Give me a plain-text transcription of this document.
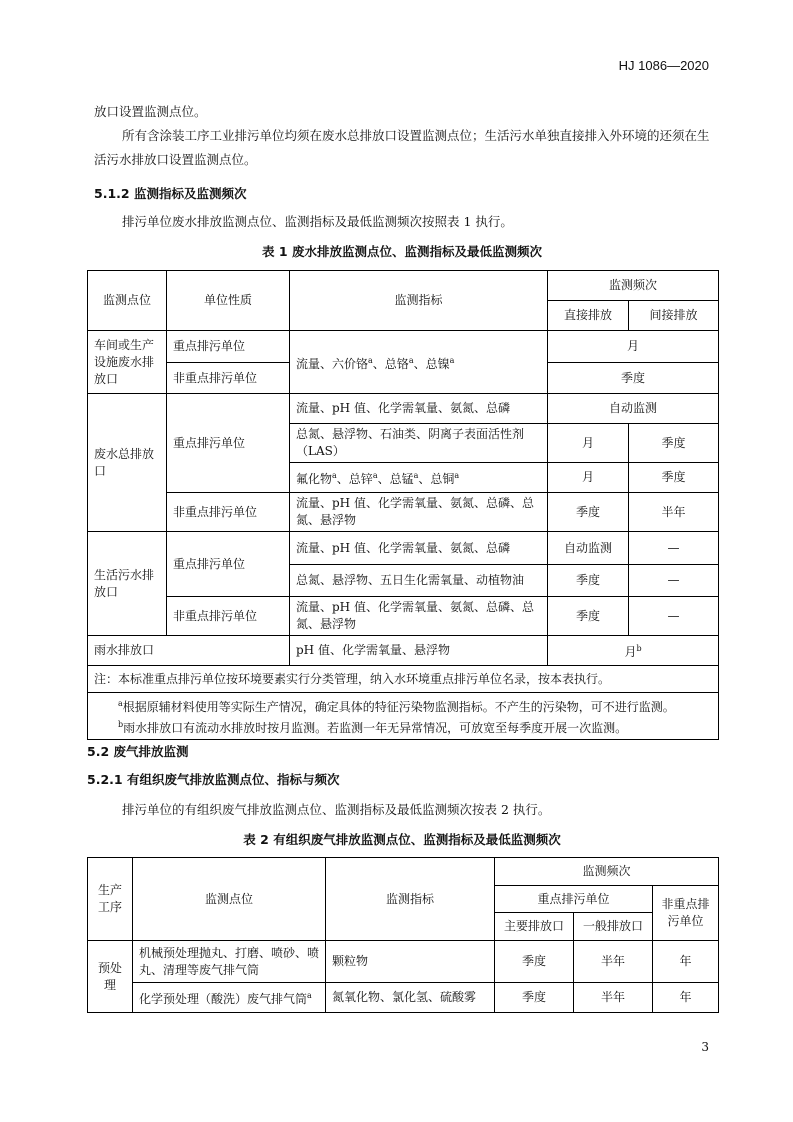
HJ 1086—2020
放口设置监测点位。
所有含涂装工序工业排污单位均须在废水总排放口设置监测点位；生活污水单独直接排入外环境的还须在生活污水排放口设置监测点位。
5.1.2 监测指标及监测频次
排污单位废水排放监测点位、监测指标及最低监测频次按照表 1 执行。
表 1 废水排放监测点位、监测指标及最低监测频次
监测点位	单位性质	监测指标	监测频次	
			直接排放	间接排放
车间或生产设施废水排放口	重点排污单位	流量、六价铬$^a$、总铬$^a$、总镍$^a$	月	
	非重点排污单位		季度	
废水总排放口	重点排污单位	流量、pH 值、化学需氧量、氨氮、总磷	自动监测	
		总氮、悬浮物、石油类、阴离子表面活性剂（LAS）	月	季度
		氟化物$^a$、总锌$^a$、总锰$^a$、总铜$^a$	月	季度
	非重点排污单位	流量、pH 值、化学需氧量、氨氮、总磷、总氮、悬浮物	季度	半年
生活污水排放口	重点排污单位	流量、pH 值、化学需氧量、氨氮、总磷	自动监测	—
		总氮、悬浮物、五日生化需氧量、动植物油	季度	—
	非重点排污单位	流量、pH 值、化学需氧量、氨氮、总磷、总氮、悬浮物	季度	—
雨水排放口		pH 值、化学需氧量、悬浮物	月$^b$
注：本标准重点排污单位按环境要素实行分类管理，纳入水环境重点排污单位名录，按本表执行。				

$^a$根据原辅材料使用等实际生产情况，确定具体的特征污染物监测指标。不产生的污染物，可不进行监测。
$^b$雨水排放口有流动水排放时按月监测。若监测一年无异常情况，可放宽至每季度开展一次监测。				
5.2 废气排放监测
5.2.1 有组织废气排放监测点位、指标与频次
排污单位的有组织废气排放监测点位、监测指标及最低监测频次按表 2 执行。
表 2 有组织废气排放监测点位、监测指标及最低监测频次
生产工序	监测点位	监测指标	监测频次		
			重点排污单位		非重点排污单位
			主要排放口	一般排放口	
预处理	机械预处理抛丸、打磨、喷砂、喷丸、清理等废气排气筒	颗粒物	季度	半年	年
	化学预处理（酸洗）废气排气筒$^a$	氮氧化物、氯化氢、硫酸雾	季度	半年	年
3
